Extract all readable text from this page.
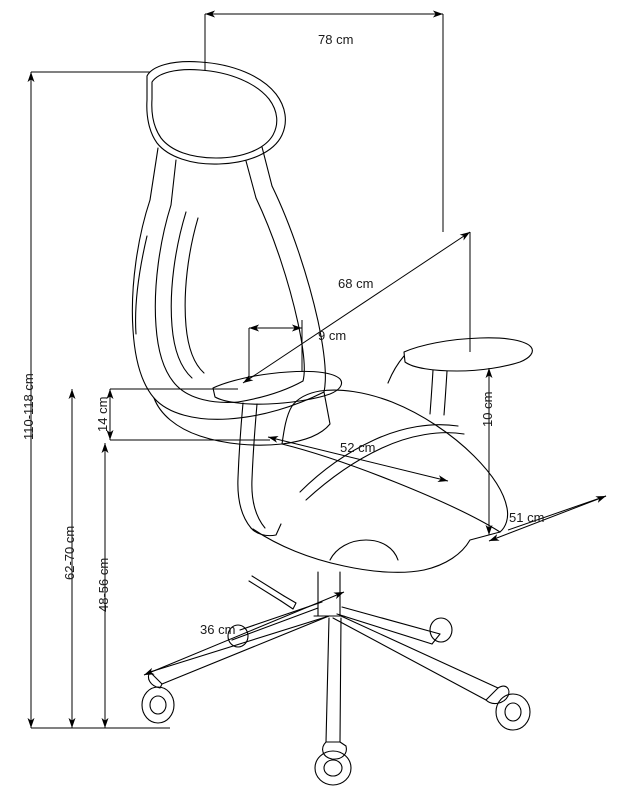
78 cm
68 cm
9 cm
52 cm
36 cm
51 cm
110-118 cm
62-70 cm
48-56 cm
14 cm	10 cm
